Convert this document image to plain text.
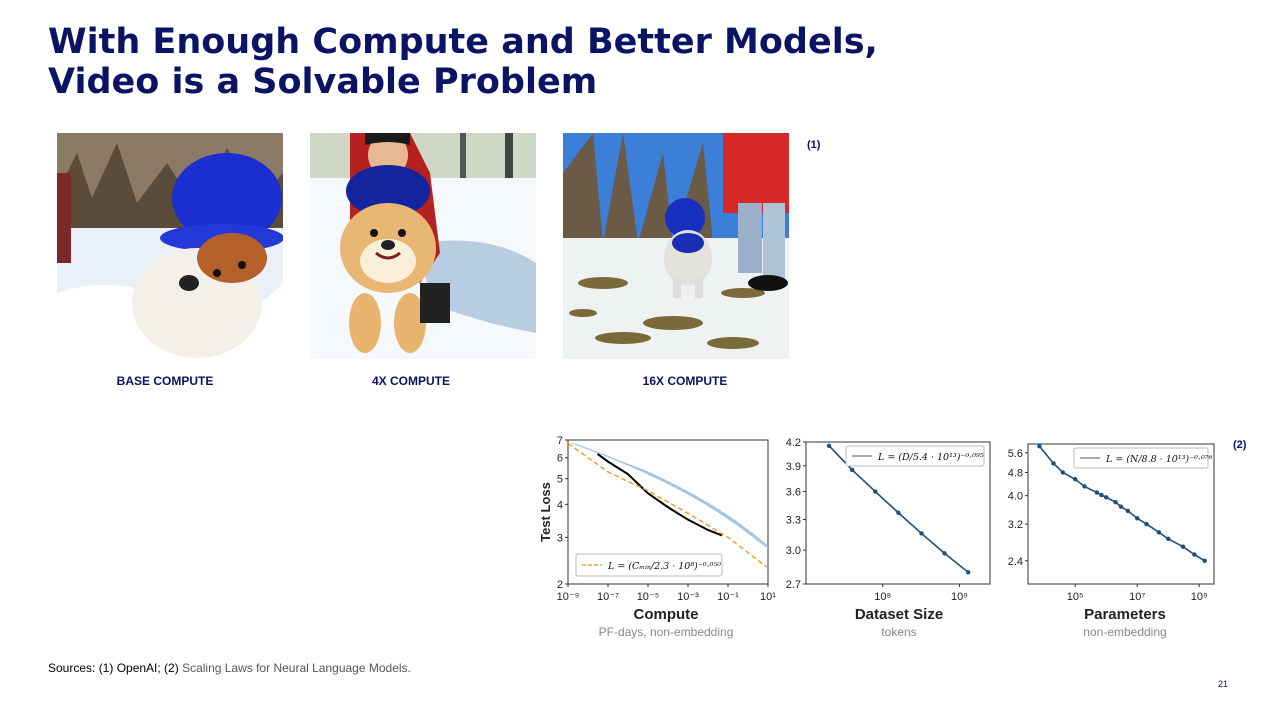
With Enough Compute and Better Models,
Video is a Solvable Problem
BASE COMPUTE	4X COMPUTE	16X COMPUTE
(1)
(2)
2
3
4
5
6
7
10⁻⁹ 10⁻⁷ 10⁻⁵ 10⁻³ 10⁻¹ 10¹
Test Loss
L = (Cₘᵢₙ/2.3 · 10⁸)⁻⁰·⁰⁵⁰
Compute
PF-days, non-embedding
2.7
3.0
3.3
3.6
3.9
4.2
10⁸	10⁹
L = (D/5.4 · 10¹³)⁻⁰·⁰⁹⁵
Dataset Size
tokens
2.4
3.2
4.0
4.8
5.6
10⁵	10⁷	10⁹
L = (N/8.8 · 10¹³)⁻⁰·⁰⁷⁶
Parameters
non-embedding
Sources: (1) OpenAI; (2) Scaling Laws for Neural Language Models.
21
